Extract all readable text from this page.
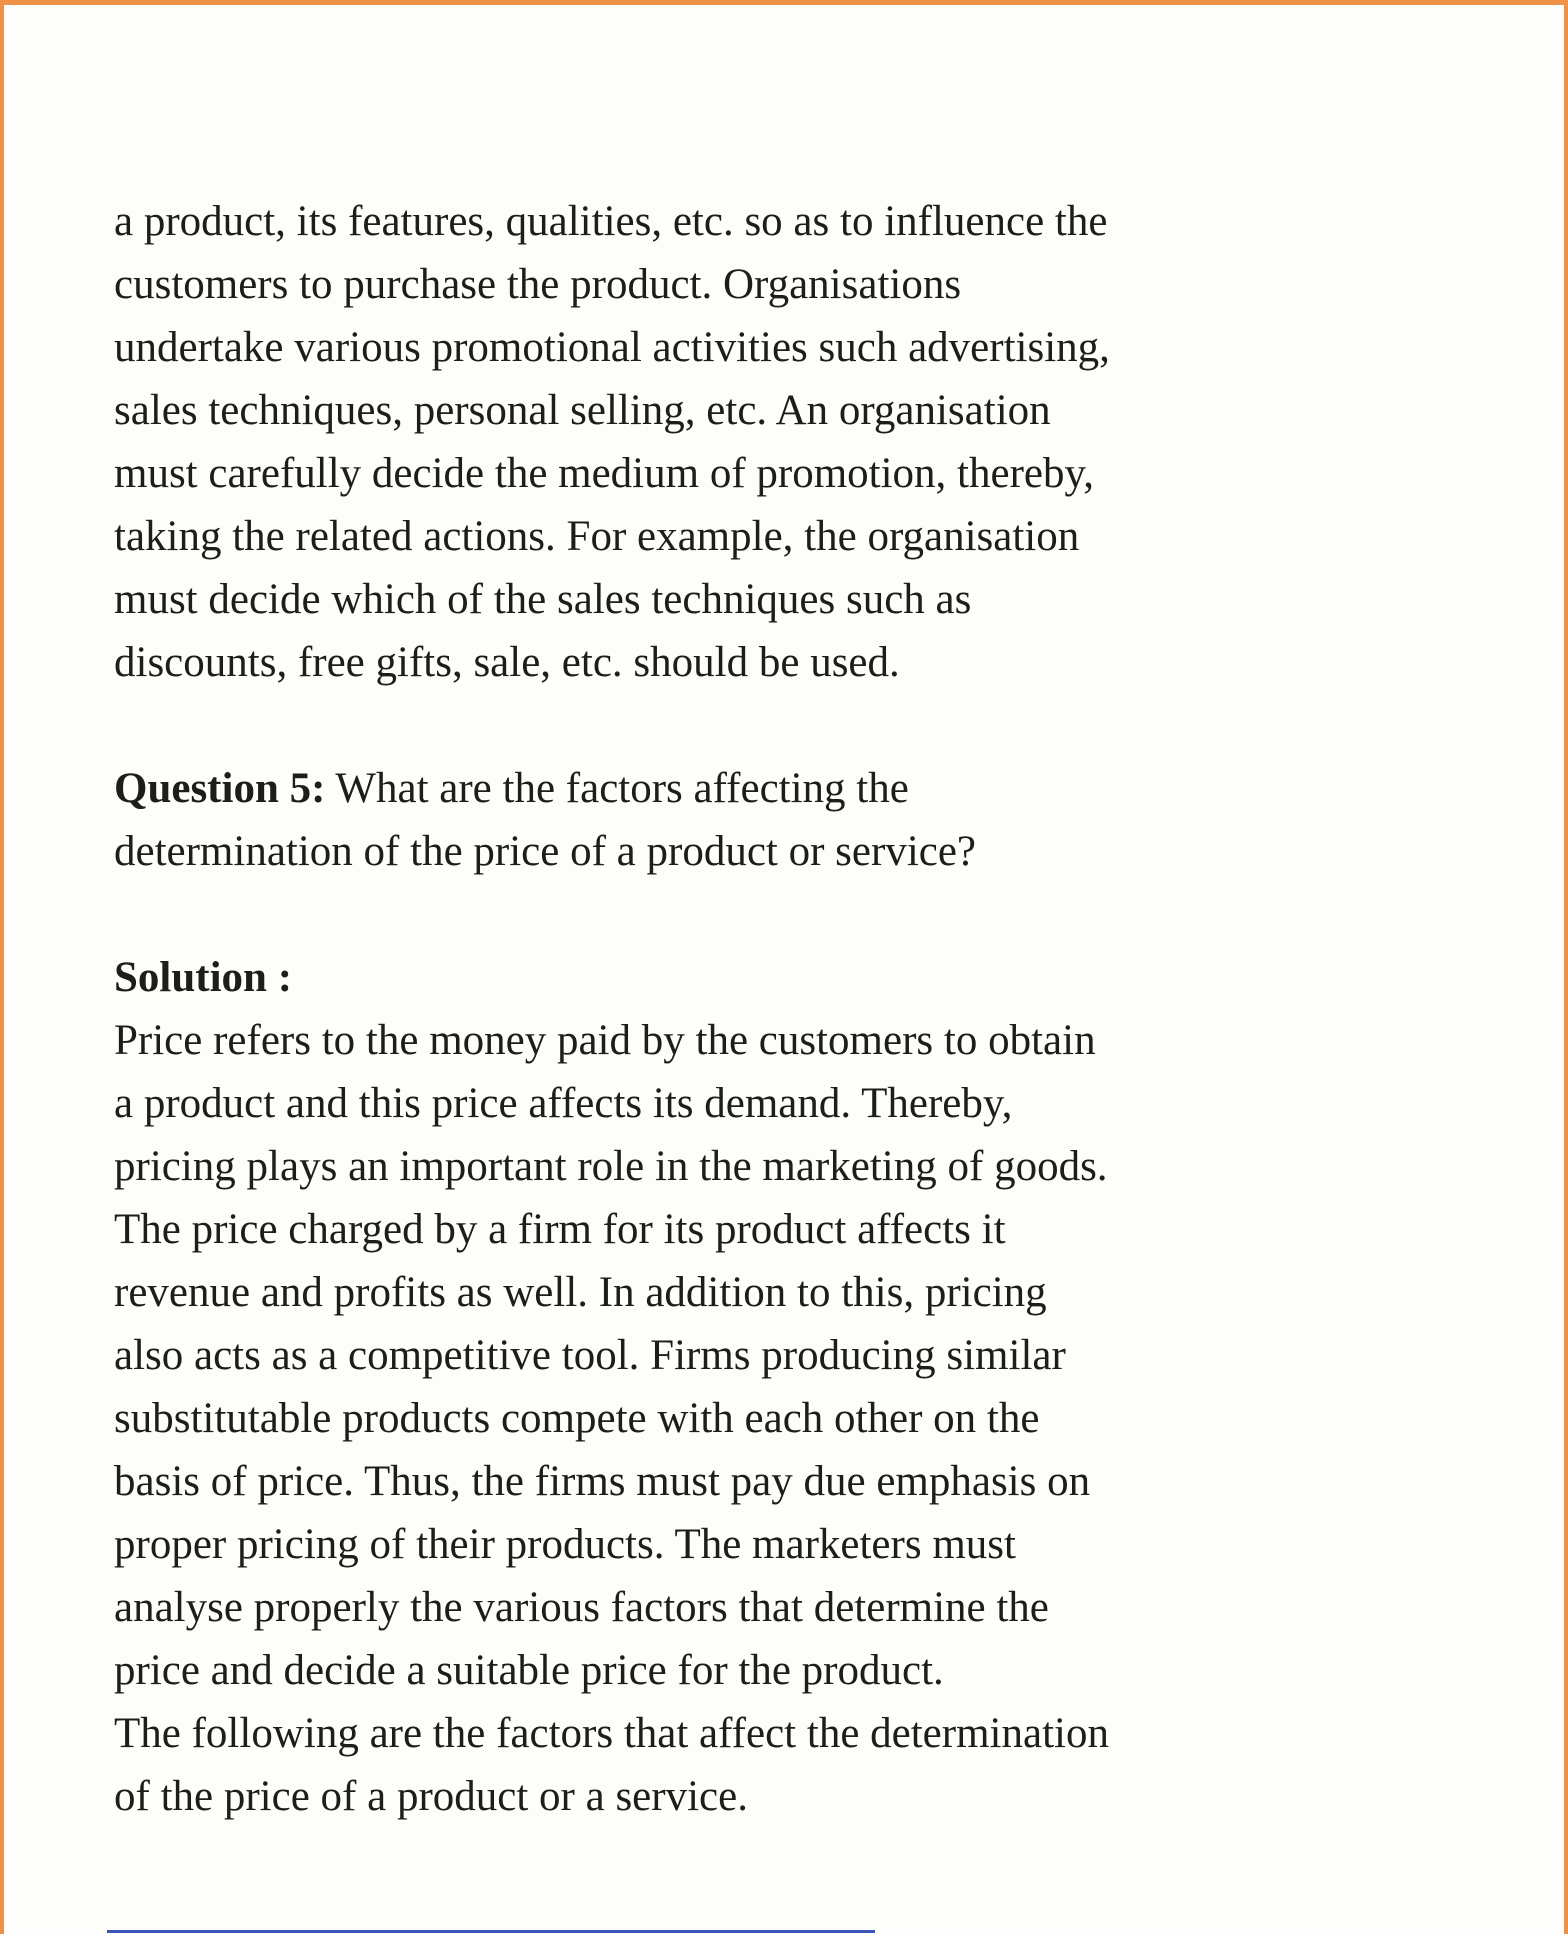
a product, its features, qualities, etc. so as to influence the
customers to purchase the product. Organisations
undertake various promotional activities such advertising,
sales techniques, personal selling, etc. An organisation
must carefully decide the medium of promotion, thereby,
taking the related actions. For example, the organisation
must decide which of the sales techniques such as
discounts, free gifts, sale, etc. should be used.
Question 5: What are the factors affecting the
determination of the price of a product or service?
Solution :
Price refers to the money paid by the customers to obtain
a product and this price affects its demand. Thereby,
pricing plays an important role in the marketing of goods.
The price charged by a firm for its product affects it
revenue and profits as well. In addition to this, pricing
also acts as a competitive tool. Firms producing similar
substitutable products compete with each other on the
basis of price. Thus, the firms must pay due emphasis on
proper pricing of their products. The marketers must
analyse properly the various factors that determine the
price and decide a suitable price for the product.
The following are the factors that affect the determination
of the price of a product or a service.
